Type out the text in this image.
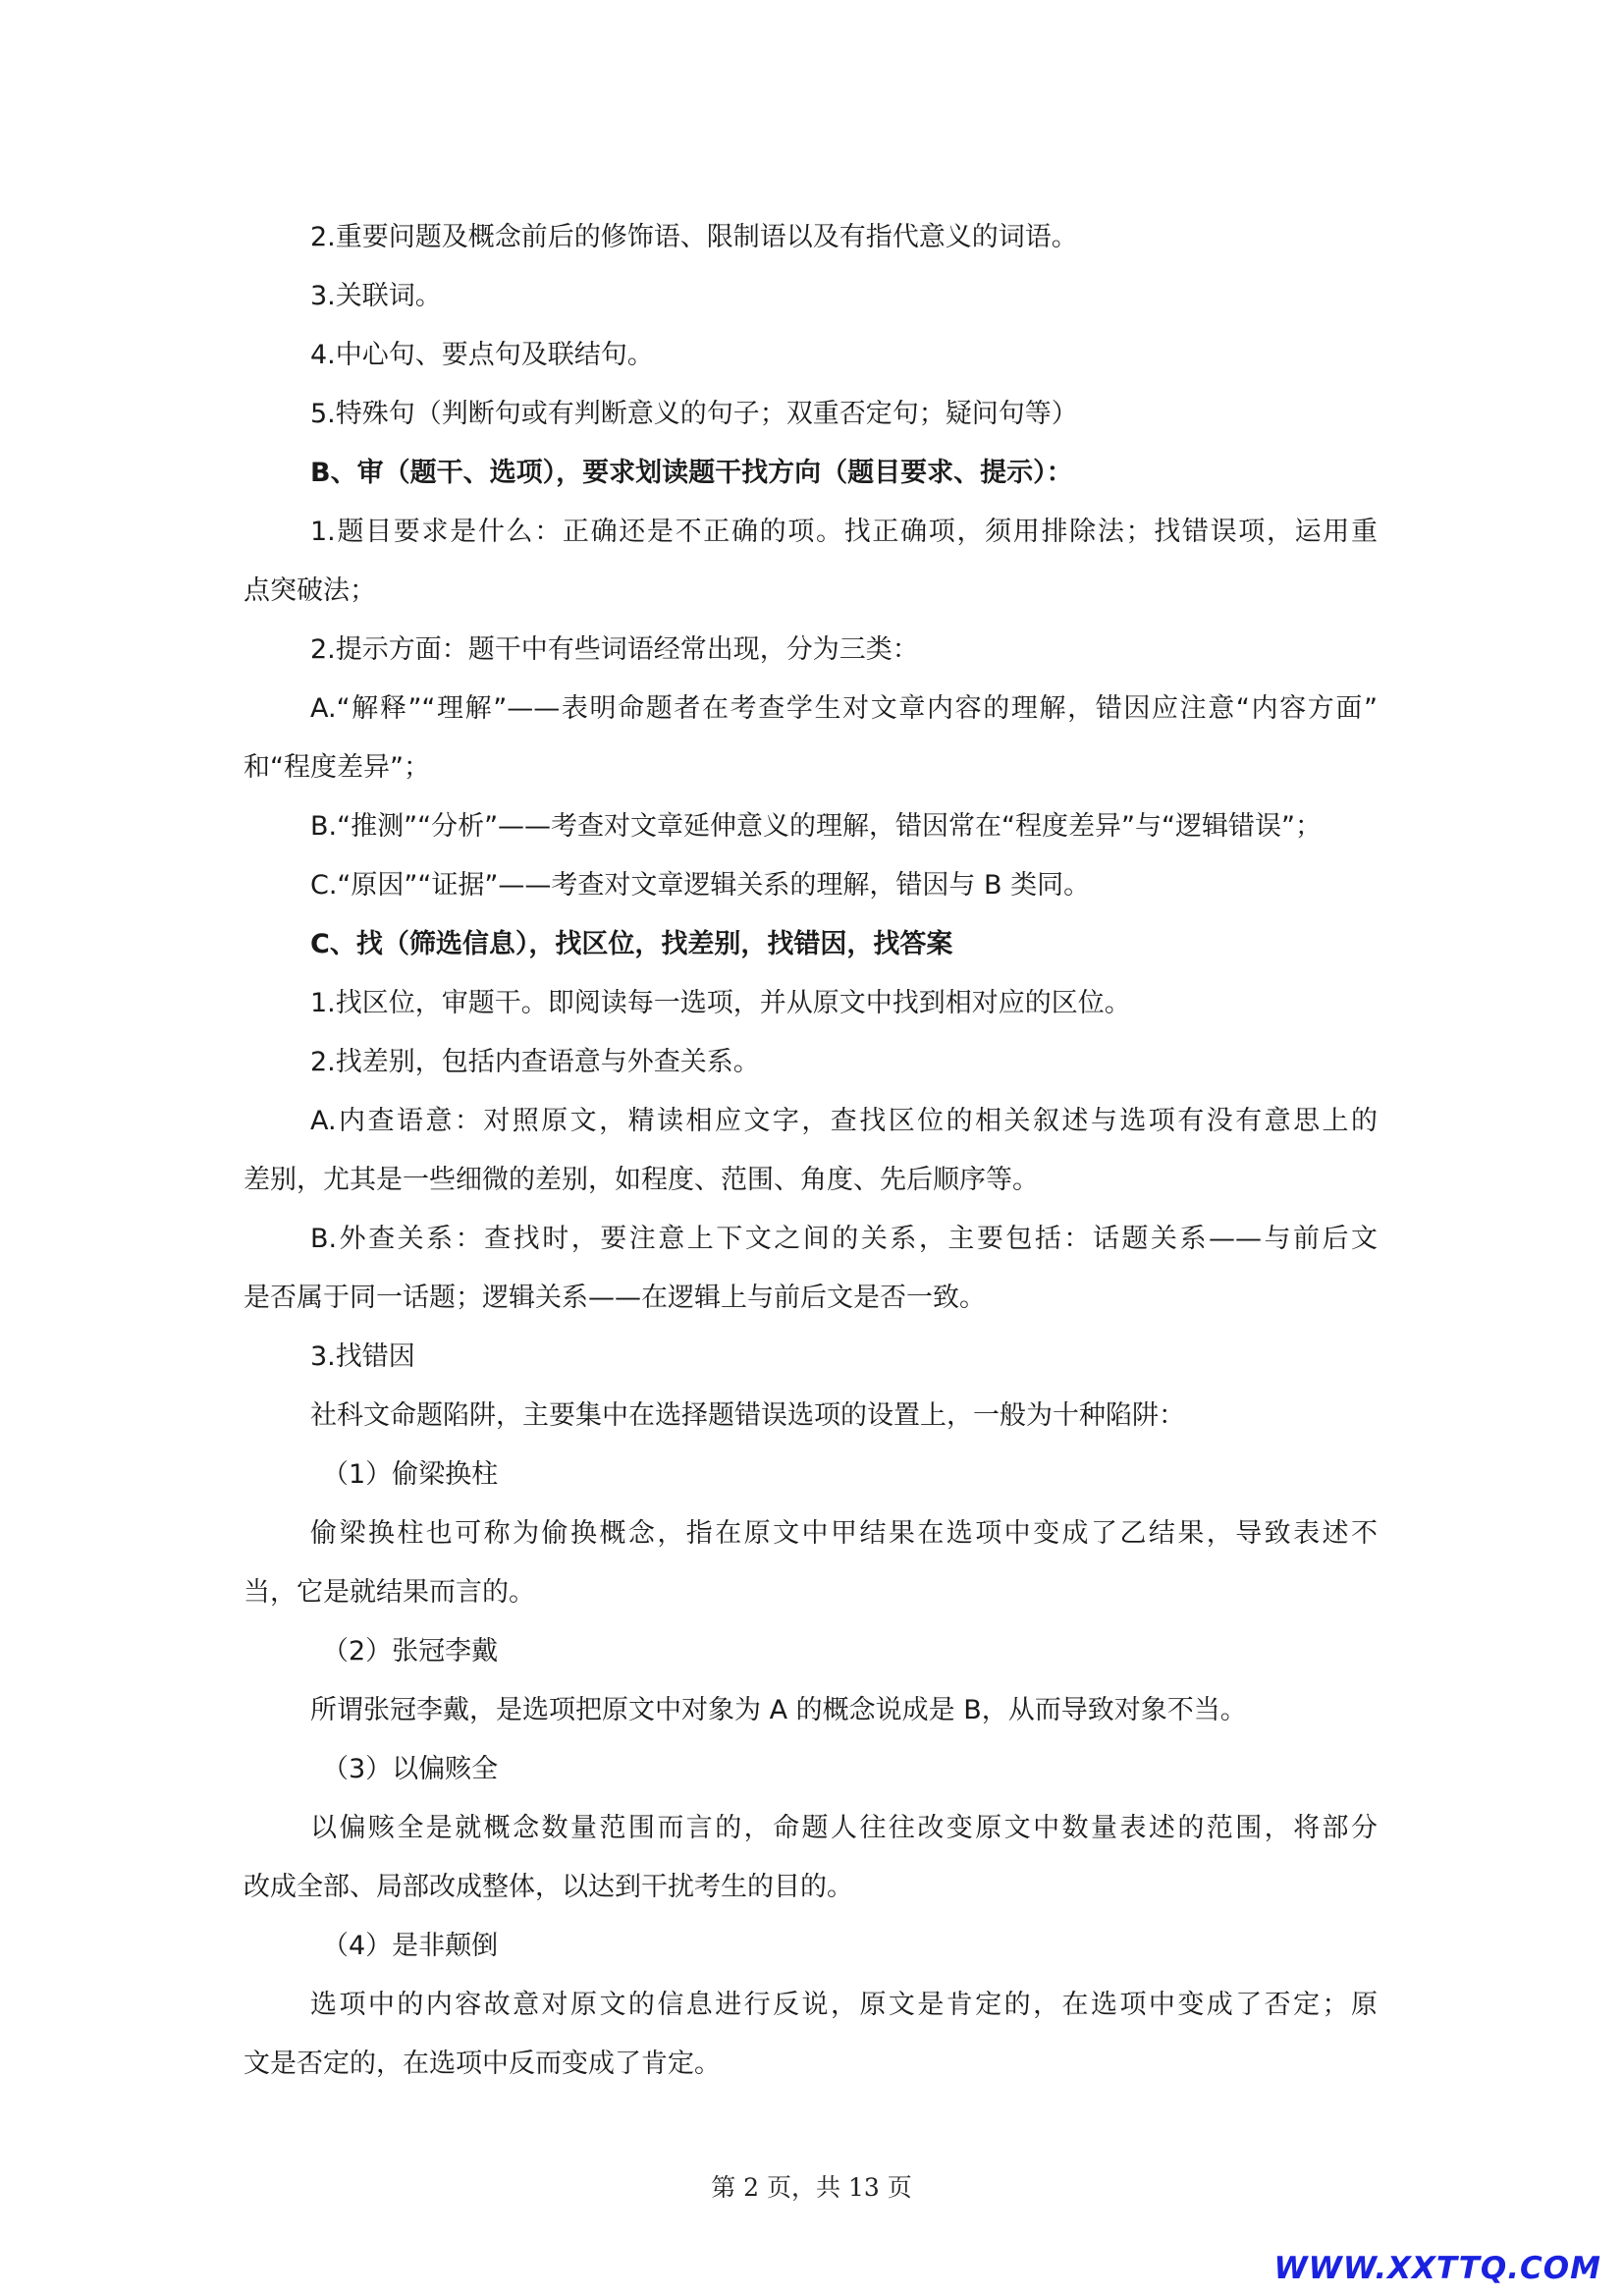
2.重要问题及概念前后的修饰语、限制语以及有指代意义的词语。

3.关联词。

4.中心句、要点句及联结句。

5.特殊句（判断句或有判断意义的句子；双重否定句；疑问句等）

B、审（题干、选项），要求划读题干找方向（题目要求、提示）：

1.题目要求是什么：正确还是不正确的项。找正确项，须用排除法；找错误项，运用重

点突破法；

2.提示方面：题干中有些词语经常出现，分为三类：

A.“解释”“理解”——表明命题者在考查学生对文章内容的理解，错因应注意“内容方面”

和“程度差异”；

B.“推测”“分析”——考查对文章延伸意义的理解，错因常在“程度差异”与“逻辑错误”；

C.“原因”“证据”——考查对文章逻辑关系的理解，错因与 B 类同。

C、找（筛选信息），找区位，找差别，找错因，找答案

1.找区位，审题干。即阅读每一选项，并从原文中找到相对应的区位。

2.找差别，包括内查语意与外查关系。

A.内查语意：对照原文，精读相应文字，查找区位的相关叙述与选项有没有意思上的

差别，尤其是一些细微的差别，如程度、范围、角度、先后顺序等。

B.外查关系：查找时，要注意上下文之间的关系，主要包括：话题关系——与前后文

是否属于同一话题；逻辑关系——在逻辑上与前后文是否一致。

3.找错因

社科文命题陷阱，主要集中在选择题错误选项的设置上，一般为十种陷阱：

（1）偷梁换柱

偷梁换柱也可称为偷换概念，指在原文中甲结果在选项中变成了乙结果，导致表述不

当，它是就结果而言的。

（2）张冠李戴

所谓张冠李戴，是选项把原文中对象为 A 的概念说成是 B，从而导致对象不当。

（3）以偏赅全

以偏赅全是就概念数量范围而言的，命题人往往改变原文中数量表述的范围，将部分

改成全部、局部改成整体，以达到干扰考生的目的。

（4）是非颠倒

选项中的内容故意对原文的信息进行反说，原文是肯定的，在选项中变成了否定；原

文是否定的，在选项中反而变成了肯定。

第 2 页，共 13 页
WWW.XXTTQ.COM
